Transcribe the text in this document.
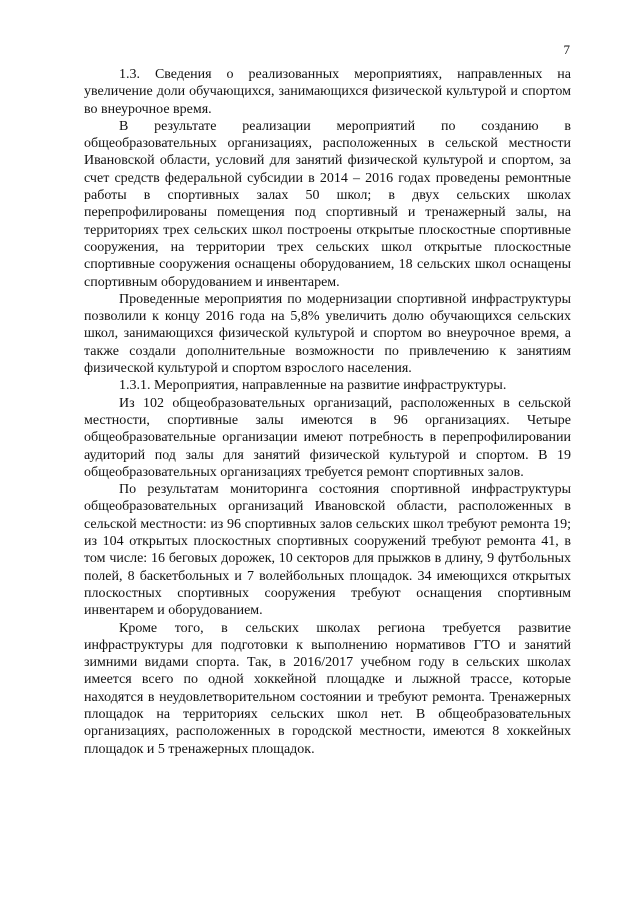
7

1.3. Сведения о реализованных мероприятиях, направленных на увеличение доли обучающихся, занимающихся физической культурой и спортом во внеурочное время.

В результате реализации мероприятий по созданию в общеобразовательных организациях, расположенных в сельской местности Ивановской области, условий для занятий физической культурой и спортом, за счет средств федеральной субсидии в 2014 – 2016 годах проведены ремонтные работы в спортивных залах 50 школ; в двух сельских школах перепрофилированы помещения под спортивный и тренажерный залы, на территориях трех сельских школ построены открытые плоскостные спортивные сооружения, на территории трех сельских школ открытые плоскостные спортивные сооружения оснащены оборудованием, 18 сельских школ оснащены спортивным оборудованием и инвентарем.

Проведенные мероприятия по модернизации спортивной инфраструктуры позволили к концу 2016 года на 5,8% увеличить долю обучающихся сельских школ, занимающихся физической культурой и спортом во внеурочное время, а также создали дополнительные возможности по привлечению к занятиям физической культурой и спортом взрослого населения.

1.3.1. Мероприятия, направленные на развитие инфраструктуры.

Из 102 общеобразовательных организаций, расположенных в сельской местности, спортивные залы имеются в 96 организациях. Четыре общеобразовательные организации имеют потребность в перепрофилировании аудиторий под залы для занятий физической культурой и спортом. В 19 общеобразовательных организациях требуется ремонт спортивных залов.

По результатам мониторинга состояния спортивной инфраструктуры общеобразовательных организаций Ивановской области, расположенных в сельской местности: из 96 спортивных залов сельских школ требуют ремонта 19; из 104 открытых плоскостных спортивных сооружений требуют ремонта 41, в том числе: 16 беговых дорожек, 10 секторов для прыжков в длину, 9 футбольных полей, 8 баскетбольных и 7 волейбольных площадок. 34 имеющихся открытых плоскостных спортивных сооружения требуют оснащения спортивным инвентарем и оборудованием.

Кроме того, в сельских школах региона требуется развитие инфраструктуры для подготовки к выполнению нормативов ГТО и занятий зимними видами спорта. Так, в 2016/2017 учебном году в сельских школах имеется всего по одной хоккейной площадке и лыжной трассе, которые находятся в неудовлетворительном состоянии и требуют ремонта. Тренажерных площадок на территориях сельских школ нет. В общеобразовательных организациях, расположенных в городской местности, имеются 8 хоккейных площадок и 5 тренажерных площадок.
